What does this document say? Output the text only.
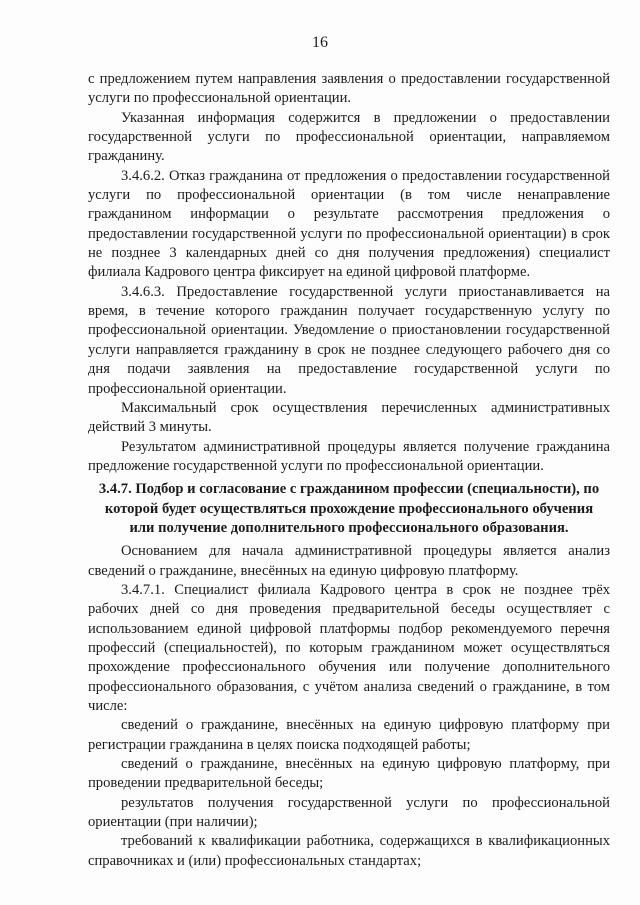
16

с предложением путем направления заявления о предоставлении государственной услуги по профессиональной ориентации.

Указанная информация содержится в предложении о предоставлении государственной услуги по профессиональной ориентации, направляемом гражданину.

3.4.6.2. Отказ гражданина от предложения о предоставлении государственной услуги по профессиональной ориентации (в том числе ненаправление гражданином информации о результате рассмотрения предложения о предоставлении государственной услуги по профессиональной ориентации) в срок не позднее 3 календарных дней со дня получения предложения) специалист филиала Кадрового центра фиксирует на единой цифровой платформе.

3.4.6.3. Предоставление государственной услуги приостанавливается на время, в течение которого гражданин получает государственную услугу по профессиональной ориентации. Уведомление о приостановлении государственной услуги направляется гражданину в срок не позднее следующего рабочего дня со дня подачи заявления на предоставление государственной услуги по профессиональной ориентации.

Максимальный срок осуществления перечисленных административных действий 3 минуты.

Результатом административной процедуры является получение гражданина предложение государственной услуги по профессиональной ориентации.

3.4.7. Подбор и согласование с гражданином профессии (специальности), по которой будет осуществляться прохождение профессионального обучения или получение дополнительного профессионального образования.

Основанием для начала административной процедуры является анализ сведений о гражданине, внесённых на единую цифровую платформу.

3.4.7.1. Специалист филиала Кадрового центра в срок не позднее трёх рабочих дней со дня проведения предварительной беседы осуществляет с использованием единой цифровой платформы подбор рекомендуемого перечня профессий (специальностей), по которым гражданином может осуществляться прохождение профессионального обучения или получение дополнительного профессионального образования, с учётом анализа сведений о гражданине, в том числе:

сведений о гражданине, внесённых на единую цифровую платформу при регистрации гражданина в целях поиска подходящей работы;

сведений о гражданине, внесённых на единую цифровую платформу, при проведении предварительной беседы;

результатов получения государственной услуги по профессиональной ориентации (при наличии);

требований к квалификации работника, содержащихся в квалификационных справочниках и (или) профессиональных стандартах;
